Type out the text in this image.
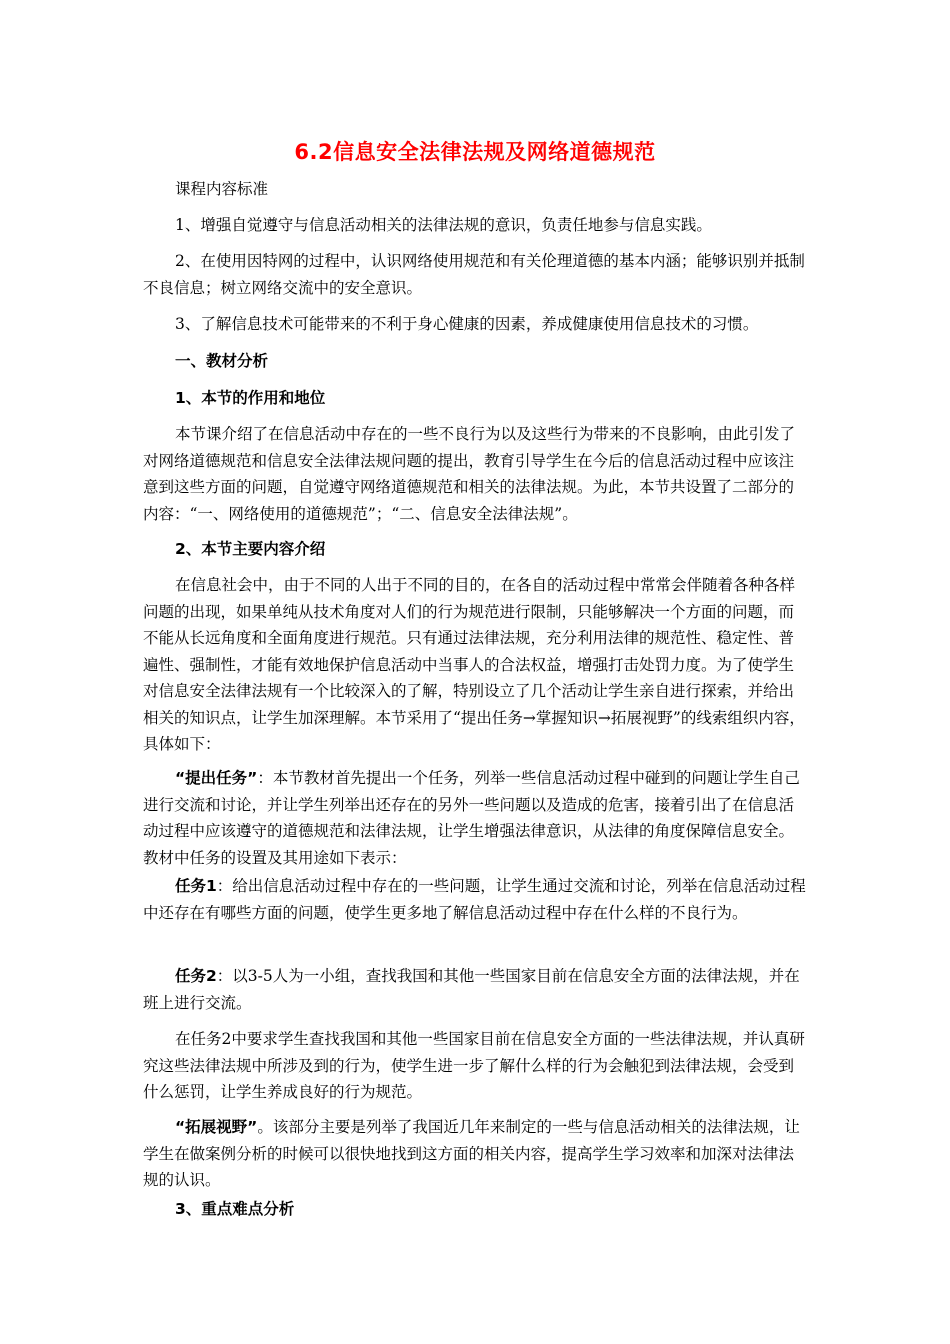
6.2信息安全法律法规及网络道德规范
课程内容标准
1、增强自觉遵守与信息活动相关的法律法规的意识，负责任地参与信息实践。
2、在使用因特网的过程中，认识网络使用规范和有关伦理道德的基本内涵；能够识别并抵制不良信息；树立网络交流中的安全意识。
3、了解信息技术可能带来的不利于身心健康的因素，养成健康使用信息技术的习惯。
一、教材分析
1、本节的作用和地位
本节课介绍了在信息活动中存在的一些不良行为以及这些行为带来的不良影响，由此引发了对网络道德规范和信息安全法律法规问题的提出，教育引导学生在今后的信息活动过程中应该注意到这些方面的问题，自觉遵守网络道德规范和相关的法律法规。为此，本节共设置了二部分的内容：“一、网络使用的道德规范”；“二、信息安全法律法规”。
2、本节主要内容介绍
在信息社会中，由于不同的人出于不同的目的，在各自的活动过程中常常会伴随着各种各样问题的出现，如果单纯从技术角度对人们的行为规范进行限制，只能够解决一个方面的问题，而不能从长远角度和全面角度进行规范。只有通过法律法规，充分利用法律的规范性、稳定性、普遍性、强制性，才能有效地保护信息活动中当事人的合法权益，增强打击处罚力度。为了使学生对信息安全法律法规有一个比较深入的了解，特别设立了几个活动让学生亲自进行探索，并给出相关的知识点，让学生加深理解。本节采用了“提出任务→掌握知识→拓展视野”的线索组织内容，具体如下：
“提出任务”：本节教材首先提出一个任务，列举一些信息活动过程中碰到的问题让学生自己进行交流和讨论，并让学生列举出还存在的另外一些问题以及造成的危害，接着引出了在信息活动过程中应该遵守的道德规范和法律法规，让学生增强法律意识，从法律的角度保障信息安全。教材中任务的设置及其用途如下表示：
任务1：给出信息活动过程中存在的一些问题，让学生通过交流和讨论，列举在信息活动过程中还存在有哪些方面的问题，使学生更多地了解信息活动过程中存在什么样的不良行为。
任务2：以3-5人为一小组，查找我国和其他一些国家目前在信息安全方面的法律法规，并在班上进行交流。
在任务2中要求学生查找我国和其他一些国家目前在信息安全方面的一些法律法规，并认真研究这些法律法规中所涉及到的行为，使学生进一步了解什么样的行为会触犯到法律法规，会受到什么惩罚，让学生养成良好的行为规范。
“拓展视野”。该部分主要是列举了我国近几年来制定的一些与信息活动相关的法律法规，让学生在做案例分析的时候可以很快地找到这方面的相关内容，提高学生学习效率和加深对法律法规的认识。
3、重点难点分析
